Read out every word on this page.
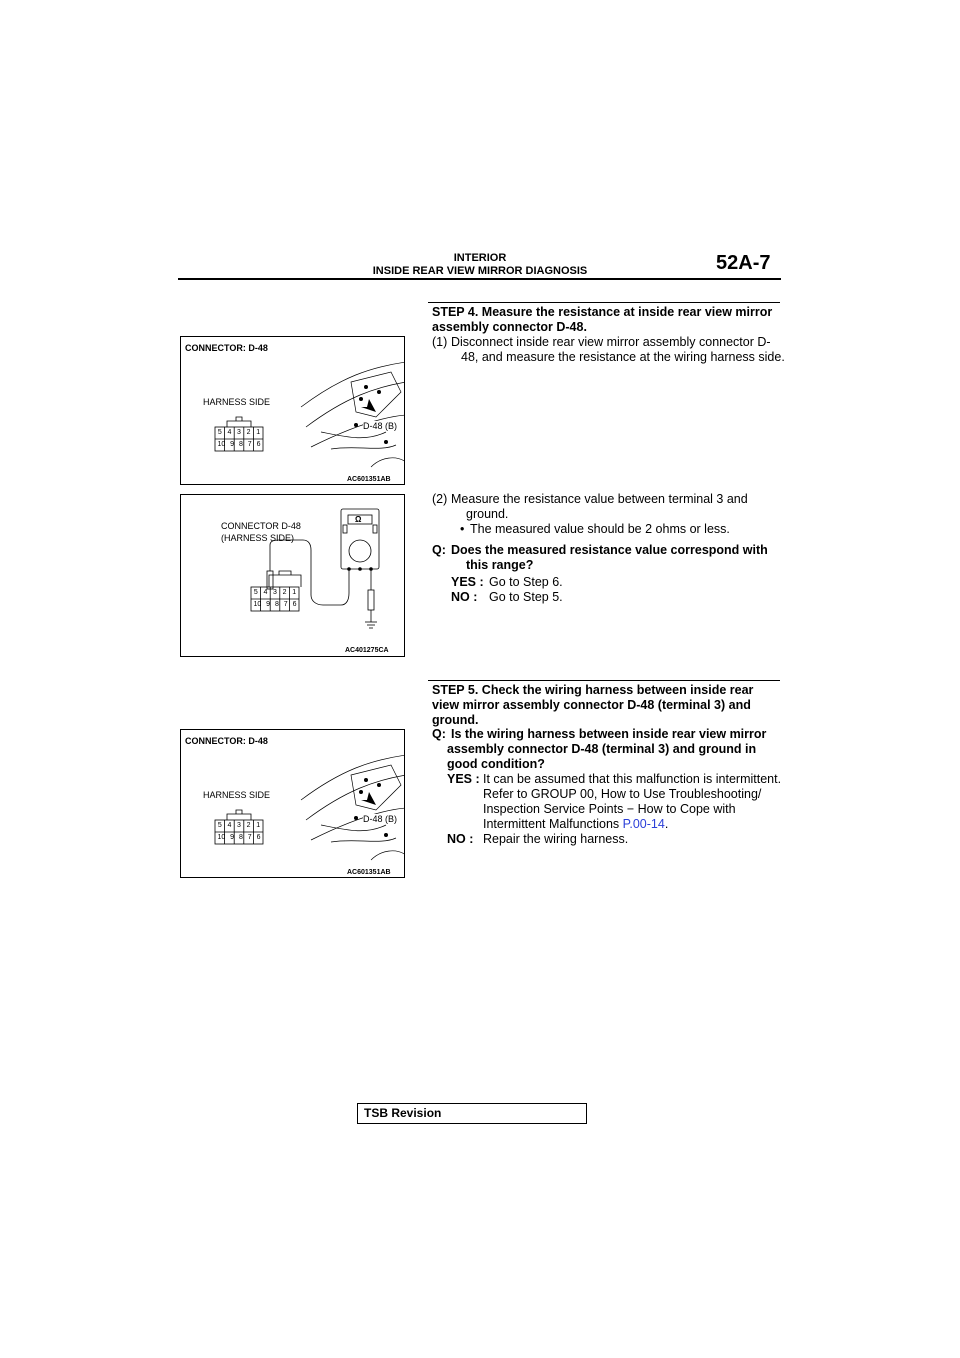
INTERIOR
INSIDE REAR VIEW MIRROR DIAGNOSIS	52A-7
CONNECTOR: D-48
HARNESS SIDE
D-48 (B)
AC601351AB
5 4 3 2 1
10 9 8 7 6
Ω
CONNECTOR D-48
(HARNESS SIDE)
AC401275CA
5 4 3 2 1
10 9 8 7 6
CONNECTOR: D-48
HARNESS SIDE
D-48 (B)
AC601351AB
5 4 3 2 1
10 9 8 7 6
STEP 4. Measure the resistance at inside rear view mirror
assembly connector D-48.
(1) Disconnect inside rear view mirror assembly connector D-
48, and measure the resistance at the wiring harness side.
(2) Measure the resistance value between terminal 3 and
ground.
• The measured value should be 2 ohms or less.
Q: Does the measured resistance value correspond with
this range?
YES : Go to Step 6.
NO : Go to Step 5.
STEP 5. Check the wiring harness between inside rear
view mirror assembly connector D-48 (terminal 3) and
ground.
Q: Is the wiring harness between inside rear view mirror
assembly connector D-48 (terminal 3) and ground in
good condition?
YES : It can be assumed that this malfunction is intermittent.
Refer to GROUP 00, How to Use Troubleshooting/
Inspection Service Points − How to Cope with
Intermittent Malfunctions P.00-14.
NO : Repair the wiring harness.
TSB Revision
